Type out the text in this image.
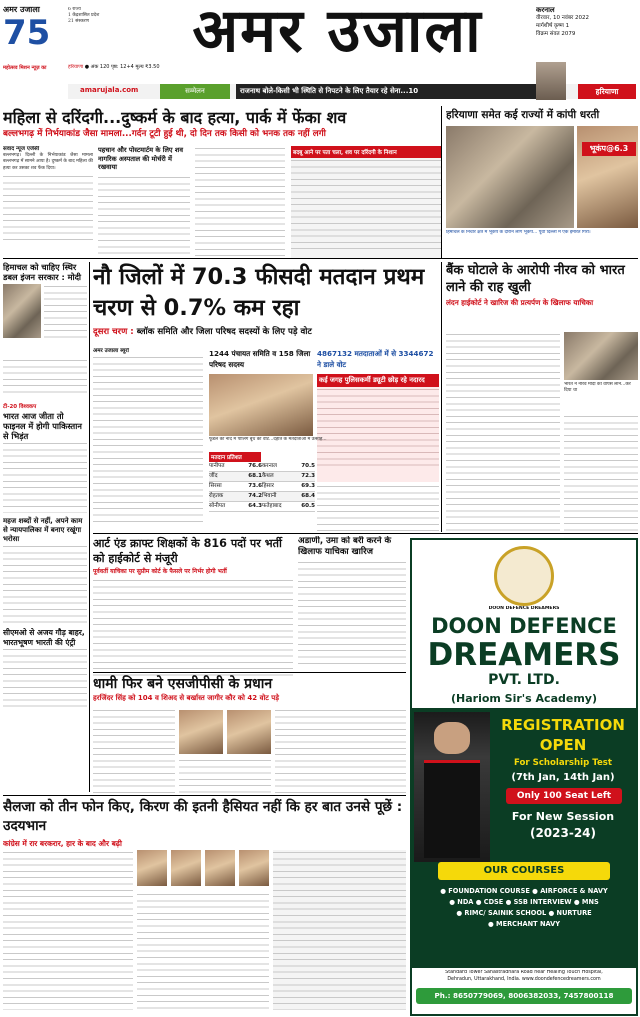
अमर उजाला
75
महोत्सव मिशन न्यूज़ का
6 राज्य
1 केंद्रशासित प्रदेश
21 संस्करण
हरियाणा ● अंक 120 पृष्ठ: 12+4 मूल्य ₹3.50
अमर उजाला	करनाल
वीरवार, 10 नवंबर 2022
मार्गशीर्ष कृष्ण 1
विक्रम संवत 2079
amarujala.com	सम्मेलन	राजनाथ बोले-किसी भी स्थिति से निपटने के लिए तैयार रहे सेना...10	हरियाणा
महिला से दरिंदगी...दुष्कर्म के बाद हत्या, पार्क में फेंका शव
बल्लभगढ़ में निर्भयाकांड जैसा मामला...गर्दन टूटी हुई थी, दो दिन तक किसी को भनक तक नहीं लगी
संवाद न्यूज एजेंसी
बल्लभगढ़। दिल्ली के निर्भयाकांड जैसा मामला बल्लभगढ़ में सामने आया है। दुष्कर्म के बाद महिला की हत्या कर उसका शव फेंक दिया।
पहचान और पोस्टमार्टम के लिए शव नागरिक अस्पताल की मोर्चरी में रखवाया
बदबू आने पर पता चला, शव पर दरिंदगी के निशान
हरियाणा समेत कई राज्यों में कांपी धरती
भूकंप@6.3
हिमाचल के निचार क्षेत्र में भूकंप के दौरान लोग भूकंप... पूर्वी दिल्ली में एक इमारत गिरी।
हिमाचल को चाहिए स्थिर डबल इंजन सरकार : मोदी
टी-20 विश्वकप
भारत आज जीता तो फाइनल में होगी पाकिस्तान से भिड़ंत
महज शब्दों से नहीं, अपने काम से न्यायपालिका में बनाए रखूंगा भरोसा
सीएमओ से अजय गौड़ बाहर, भारतभूषण भारती की एंट्री
नौ जिलों में 70.3 फीसदी मतदान प्रथम चरण से 0.7% कम रहा
दूसरा चरण : ब्लॉक समिति और जिला परिषद सदस्यों के लिए पड़े वोट
अमर उजाला ब्यूरो	1244 पंचायत समिति व 158 जिला परिषद सदस्य
4867132 मतदाताओं में से 3344672 ने डाले वोट
कई जगह पुलिसकर्मी ड्यूटी छोड़ रहे नदारद
फूंडल की नौंद में पोलिंग बूथ की वोट...देहात के मतदाताओं में उत्साह...
मतदान प्रतिशत
पानीपत	76.6 करनाल	70.5
जींद	68.1 कैथल	72.3
सिरसा	73.6 हिसार	69.3
रोहतक	74.2 भिवानी	68.4
सोनीपत	64.3 फतेहाबाद	60.5
बैंक घोटाले के आरोपी नीरव को भारत लाने की राह खुली
लंदन हाईकोर्ट ने खारिज की प्रत्यर्पण के खिलाफ याचिका
भारत ने नीरव मोदी को वापस लाने...कर दिया था
आर्ट एंड क्राफ्ट शिक्षकों के 816 पदों पर भर्ती को हाईकोर्ट से मंजूरी
पूर्ववर्ती याचिका पर सुप्रीम कोर्ट के फैसले पर निर्भर होगी भर्ती
अडाणी, उमा को बरी करने के खिलाफ याचिका खारिज
धामी फिर बने एसजीपीसी के प्रधान
हरजिंदर सिंह को 104 व शिअद से बर्खास्त जागीर कौर को 42 वोट पड़े
DOON DEFENCE DREAMERS
DOON DEFENCE
DREAMERS
PVT. LTD.
(Hariom Sir's Academy)
REGISTRATION
OPEN
For Scholarship Test
(7th Jan, 14th Jan)
Only 100 Seat Left
For New Session
(2023-24)
OUR COURSES
● FOUNDATION COURSE ● AIRFORCE & NAVY
● NDA ● CDSE ● SSB INTERVIEW ● MNS
● RIMC/ SAINIK SCHOOL ● NURTURE
● MERCHANT NAVY
Standard Tower Sahastradhara Road near Healing Touch Hospital,
Dehradun, Uttarakhand, India. www.doondefencedreamers.com
Ph.: 8650779069, 8006382033, 7457800118
सैलजा को तीन फोन किए, किरण की इतनी हैसियत नहीं कि हर बात उनसे पूछें : उदयभान
कांग्रेस में रार बरकरार, हार के बाद और बढ़ी
